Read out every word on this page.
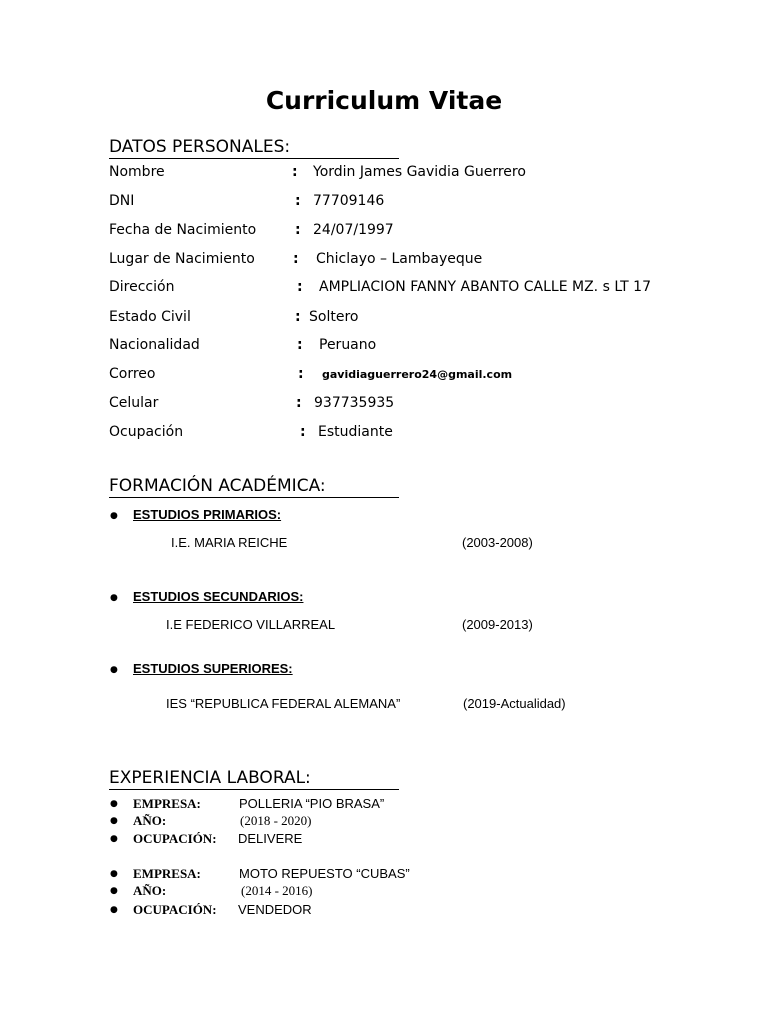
Curriculum Vitae
DATOS PERSONALES:
Nombre	: Yordin James Gavidia Guerrero
DNI	: 77709146
Fecha de Nacimiento	: 24/07/1997
Lugar de Nacimiento	: Chiclayo – Lambayeque
Dirección	: AMPLIACION FANNY ABANTO CALLE MZ. s LT 17
Estado Civil	: Soltero
Nacionalidad	: Peruano
Correo	: gavidiaguerrero24@gmail.com
Celular	: 937735935
Ocupación	: Estudiante
FORMACIÓN ACADÉMICA:
● ESTUDIOS PRIMARIOS:
I.E. MARIA REICHE	(2003-2008)
● ESTUDIOS SECUNDARIOS:
I.E FEDERICO VILLARREAL	(2009-2013)
● ESTUDIOS SUPERIORES:
IES “REPUBLICA FEDERAL ALEMANA”	(2019-Actualidad)
EXPERIENCIA LABORAL:
● EMPRESA:	POLLERIA “PIO BRASA”
● AÑO:	(2018 - 2020)
● OCUPACIÓN: DELIVERE
● EMPRESA:	MOTO REPUESTO “CUBAS”
● AÑO:	(2014 - 2016)
● OCUPACIÓN: VENDEDOR
